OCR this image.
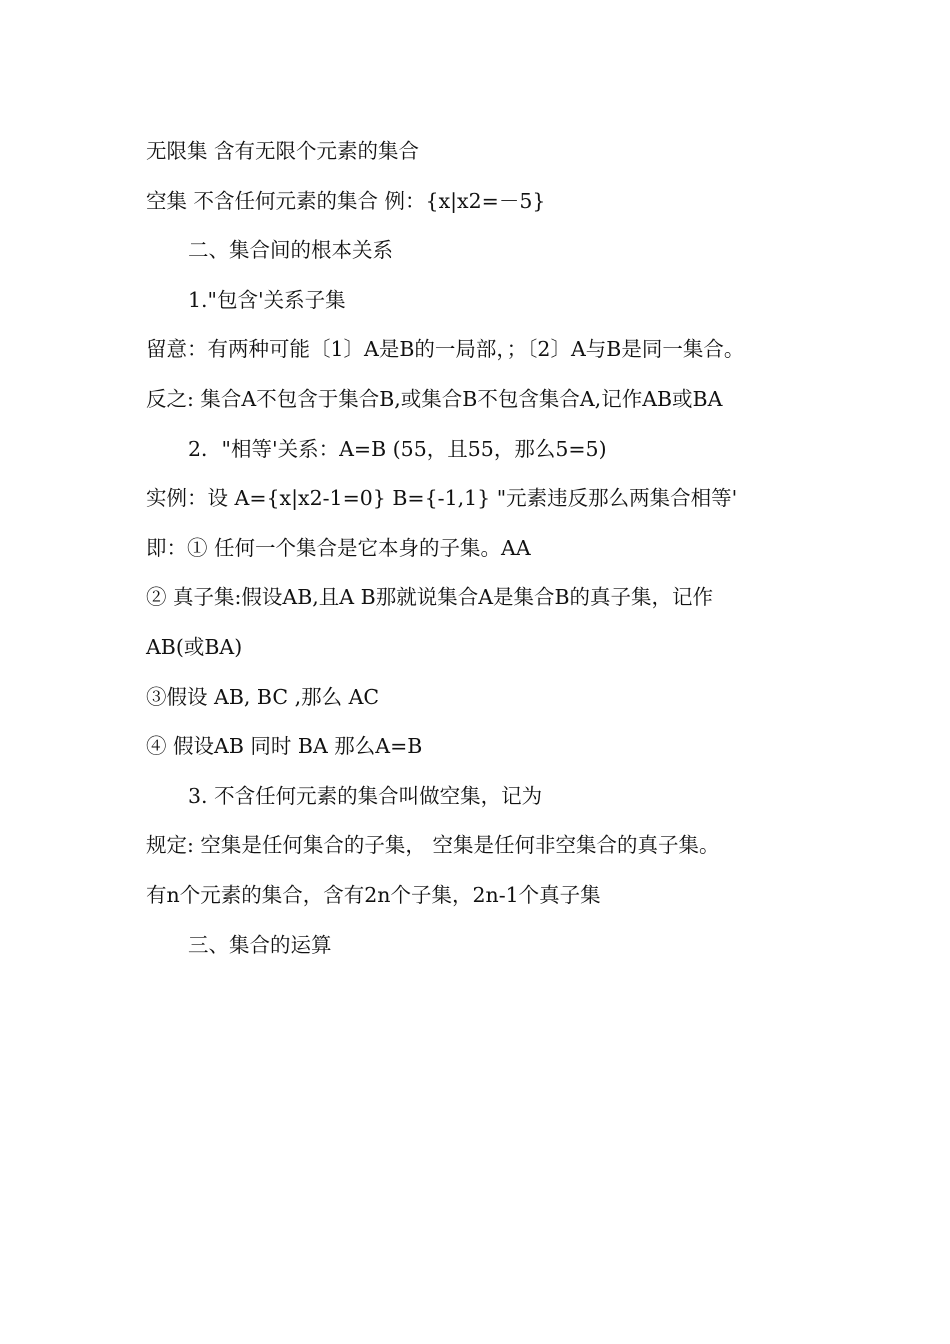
无限集 含有无限个元素的集合
空集 不含任何元素的集合 例：{x|x2=－5}
二、集合间的根本关系
1."包含'关系子集
留意：有两种可能〔1〕A是B的一局部，；〔2〕A与B是同一集合。
反之: 集合A不包含于集合B,或集合B不包含集合A,记作AB或BA
2．"相等'关系：A=B (55，且55，那么5=5)
实例：设 A={x|x2-1=0} B={-1,1} "元素违反那么两集合相等'
即：① 任何一个集合是它本身的子集。AA
② 真子集:假设AB,且A B那就说集合A是集合B的真子集，记作
AB(或BA)
③假设 AB, BC ,那么 AC
④ 假设AB 同时 BA 那么A=B
3. 不含任何元素的集合叫做空集，记为
规定: 空集是任何集合的子集， 空集是任何非空集合的真子集。
有n个元素的集合，含有2n个子集，2n-1个真子集
三、集合的运算
